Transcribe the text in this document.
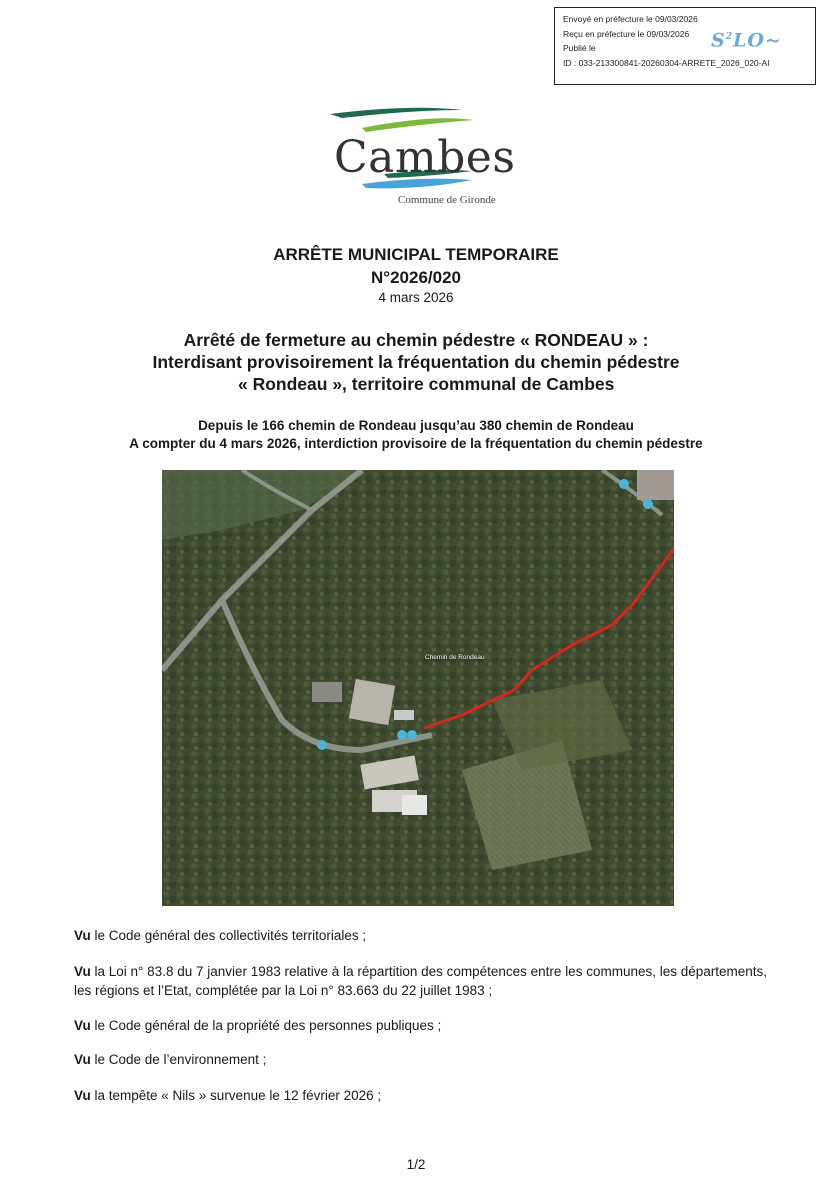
Envoyé en préfecture le 09/03/2026
Reçu en préfecture le 09/03/2026
Publié le
ID : 033-213300841-20260304-ARRETE_2026_020-AI
$S^2LO\sim$
Cambes
Commune de Gironde
ARRÊTE MUNICIPAL TEMPORAIRE
N°2026/020
4 mars 2026
Arrêté de fermeture au chemin pédestre « RONDEAU » :
Interdisant provisoirement la fréquentation du chemin pédestre
« Rondeau », territoire communal de Cambes
Depuis le 166 chemin de Rondeau jusqu’au 380 chemin de Rondeau
A compter du 4 mars 2026, interdiction provisoire de la fréquentation du chemin pédestre
Chemin de Rondeau
Vu le Code général des collectivités territoriales ;
Vu la Loi n° 83.8 du 7 janvier 1983 relative à la répartition des compétences entre les communes, les départements, les régions et l’Etat, complétée par la Loi n° 83.663 du 22 juillet 1983 ;
Vu le Code général de la propriété des personnes publiques ;
Vu le Code de l’environnement ;
Vu la tempête « Nils » survenue le 12 février 2026 ;
1/2
